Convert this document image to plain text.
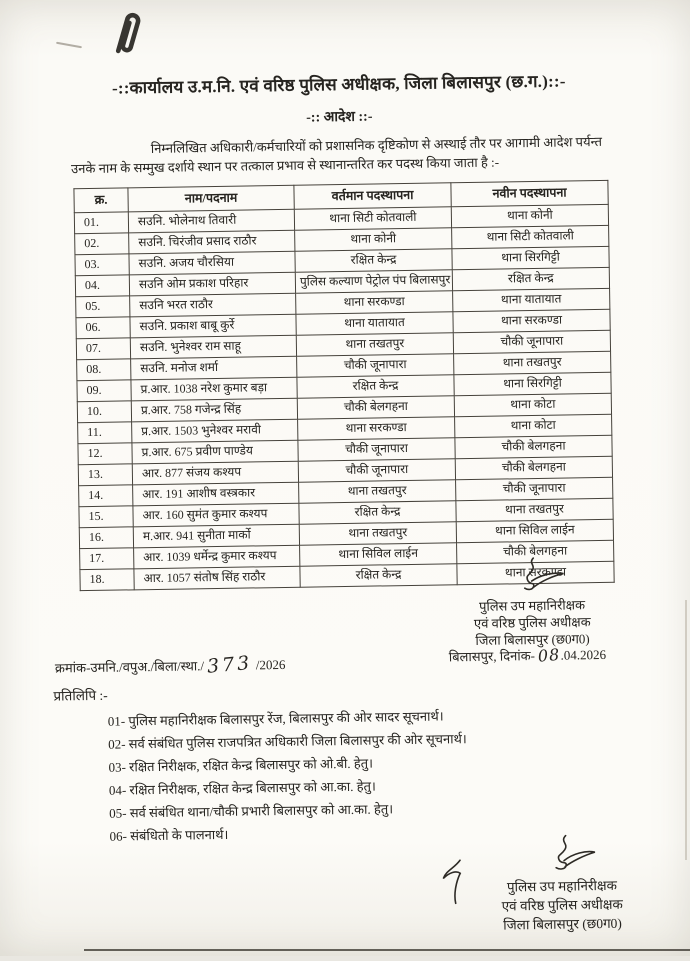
-::कार्यालय उ.म.नि. एवं वरिष्ठ पुलिस अधीक्षक, जिला बिलासपुर (छ.ग.)::-
-:: आदेश ::-
निम्नलिखित अधिकारी/कर्मचारियों को प्रशासनिक दृष्टिकोण से अस्थाई तौर पर आगामी आदेश पर्यन्त
उनके नाम के सम्मुख दर्शाये स्थान पर तत्काल प्रभाव से स्थानान्तरित कर पदस्थ किया जाता है :-
क्र.	नाम/पदनाम	वर्तमान पदस्थापना	नवीन पदस्थापना
01.	सउनि. भोलेनाथ तिवारी	थाना सिटी कोतवाली	थाना कोनी
02.	सउनि. चिरंजीव प्रसाद राठौर	थाना कोनी	थाना सिटी कोतवाली
03.	सउनि. अजय चौरसिया	रक्षित केन्द्र	थाना सिरगिट्टी
04.	सउनि ओम प्रकाश परिहार	पुलिस कल्याण पेट्रोल पंप बिलासपुर	रक्षित केन्द्र
05.	सउनि भरत राठौर	थाना सरकण्डा	थाना यातायात
06.	सउनि. प्रकाश बाबू कुर्रे	थाना यातायात	थाना सरकण्डा
07.	सउनि. भुनेश्वर राम साहू	थाना तखतपुर	चौकी जूनापारा
08.	सउनि. मनोज शर्मा	चौकी जूनापारा	थाना तखतपुर
09.	प्र.आर. 1038 नरेश कुमार बड़ा	रक्षित केन्द्र	थाना सिरगिट्टी
10.	प्र.आर. 758 गजेन्द्र सिंह	चौकी बेलगहना	थाना कोटा
11.	प्र.आर. 1503 भुनेश्वर मरावी	थाना सरकण्डा	थाना कोटा
12.	प्र.आर. 675 प्रवीण पाण्डेय	चौकी जूनापारा	चौकी बेलगहना
13.	आर. 877 संजय कश्यप	चौकी जूनापारा	चौकी बेलगहना
14.	आर. 191 आशीष वस्त्रकार	थाना तखतपुर	चौकी जूनापारा
15.	आर. 160 सुमंत कुमार कश्यप	रक्षित केन्द्र	थाना तखतपुर
16.	म.आर. 941 सुनीता मार्को	थाना तखतपुर	थाना सिविल लाईन
17.	आर. 1039 धर्मेन्द्र कुमार कश्यप	थाना सिविल लाईन	चौकी बेलगहना
18.	आर. 1057 संतोष सिंह राठौर	रक्षित केन्द्र	थाना सरकण्डा
पुलिस उप महानिरीक्षक
एवं वरिष्ठ पुलिस अधीक्षक
जिला बिलासपुर (छ0ग0)
क्रमांक-उमनि./वपुअ./बिला/स्था./ 373 /2026
बिलासपुर, दिनांक- 08.04.2026
प्रतिलिपि :-
01- पुलिस महानिरीक्षक बिलासपुर रेंज, बिलासपुर की ओर सादर सूचनार्थ।
02- सर्व संबंधित पुलिस राजपत्रित अधिकारी जिला बिलासपुर की ओर सूचनार्थ।
03- रक्षित निरीक्षक, रक्षित केन्द्र बिलासपुर को ओ.बी. हेतु।
04- रक्षित निरीक्षक, रक्षित केन्द्र बिलासपुर को आ.का. हेतु।
05- सर्व संबंधित थाना/चौकी प्रभारी बिलासपुर को आ.का. हेतु।
06- संबंधितो के पालनार्थ।
पुलिस उप महानिरीक्षक
एवं वरिष्ठ पुलिस अधीक्षक
जिला बिलासपुर (छ0ग0)
